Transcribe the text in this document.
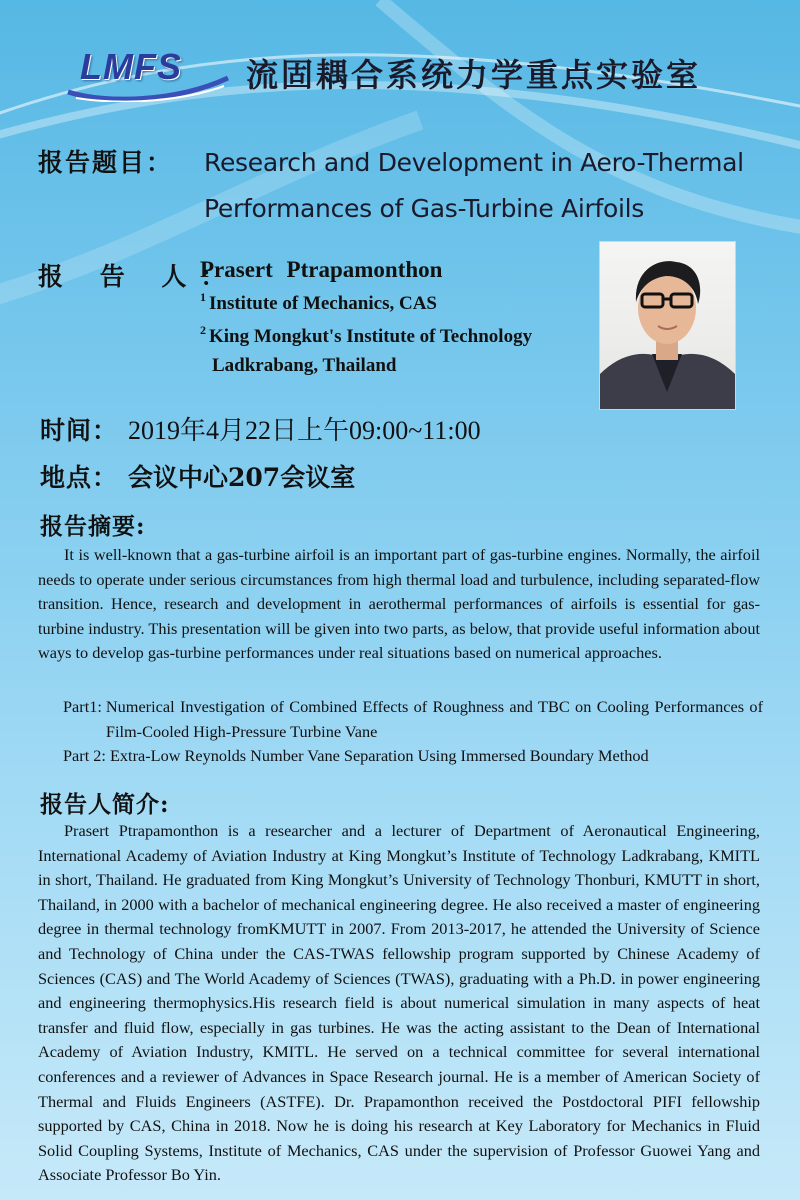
LMFS 流固耦合系统力学重点实验室
报告题目： Research and Development in Aero-Thermal
Performances of Gas-Turbine Airfoils
报 告 人：
Prasert Ptrapamonthon
$^1$ Institute of Mechanics, CAS
$^2$ King Mongkut's Institute of Technology
Ladkrabang, Thailand
时间： 2019年4月22日上午09:00~11:00
地点： 会议中心207会议室
报告摘要:

It is well-known that a gas-turbine airfoil is an important part of gas-turbine engines. Normally, the airfoil needs to operate under serious circumstances from high thermal load and turbulence, including separated-flow transition. Hence, research and development in aerothermal performances of airfoils is essential for gas-turbine industry. This presentation will be given into two parts, as below, that provide useful information about ways to develop gas-turbine performances under real situations based on numerical approaches.

Part1: Numerical Investigation of Combined Effects of Roughness and TBC on Cooling Performances of Film-Cooled High-Pressure Turbine Vane
Part 2: Extra-Low Reynolds Number Vane Separation Using Immersed Boundary Method
报告人简介:

Prasert Ptrapamonthon is a researcher and a lecturer of Department of Aeronautical Engineering, International Academy of Aviation Industry at King Mongkut’s Institute of Technology Ladkrabang, KMITL in short, Thailand. He graduated from King Mongkut’s University of Technology Thonburi, KMUTT in short, Thailand, in 2000 with a bachelor of mechanical engineering degree. He also received a master of engineering degree in thermal technology fromKMUTT in 2007. From 2013-2017, he attended the University of Science and Technology of China under the CAS-TWAS fellowship program supported by Chinese Academy of Sciences (CAS) and The World Academy of Sciences (TWAS), graduating with a Ph.D. in power engineering and engineering thermophysics.His research field is about numerical simulation in many aspects of heat transfer and fluid flow, especially in gas turbines. He was the acting assistant to the Dean of International Academy of Aviation Industry, KMITL. He served on a technical committee for several international conferences and a reviewer of Advances in Space Research journal. He is a member of American Society of Thermal and Fluids Engineers (ASTFE). Dr. Prapamonthon received the Postdoctoral PIFI fellowship supported by CAS, China in 2018. Now he is doing his research at Key Laboratory for Mechanics in Fluid Solid Coupling Systems, Institute of Mechanics, CAS under the supervision of Professor Guowei Yang and Associate Professor Bo Yin.
